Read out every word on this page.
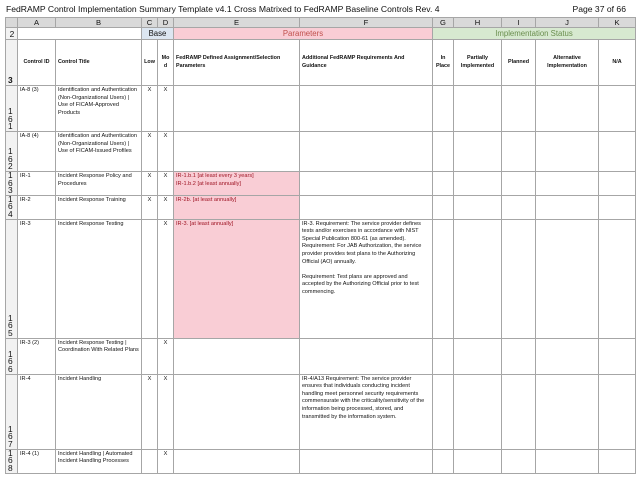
FedRAMP Control Implementation Summary Template v4.1 Cross Matrixed to FedRAMP Baseline Controls Rev. 4	Page 37 of 66
	A	B	C	D	E	F	G	H	I	J	K
2			Base		Parameters		Implementation Status				
3	Control ID	Control Title	Low	Mod	FedRAMP Defined Assignment/Selection Parameters	Additional FedRAMP Requirements And Guidance	In Place	Partially Implemented	Planned	Alternative Implementation	N/A
161	IA-8 (3)	Identification and Authentication (Non-Organizational Users) | Use of FICAM-Approved Products	X	X							
162	IA-8 (4)	Identification and Authentication (Non-Organizational Users) | Use of FICAM-Issued Profiles	X	X							
163	IR-1	Incident Response Policy and Procedures	X	X	IR-1.b.1 [at least every 3 years]
IR-1.b.2 [at least annually]						
164	IR-2	Incident Response Training	X	X	IR-2b. [at least annually]						
165	IR-3	Incident Response Testing		X	IR-3. [at least annually]	IR-3. Requirement: The service provider defines tests and/or exercises in accordance with NIST Special Publication 800-61 (as amended).
Requirement: For JAB Authorization, the service provider provides test plans to the Authorizing Official (AO) annually.

Requirement: Test plans are approved and accepted by the Authorizing Official prior to test commencing.					
166	IR-3 (2)	Incident Response Testing | Coordination With Related Plans		X							
167	IR-4	Incident Handling	X	X		IR-4/A13 Requirement: The service provider ensures that individuals conducting incident handling meet personnel security requirements commensurate with the criticality/sensitivity of the information being processed, stored, and transmitted by the information system.					
168	IR-4 (1)	Incident Handling | Automated Incident Handling Processes		X							
